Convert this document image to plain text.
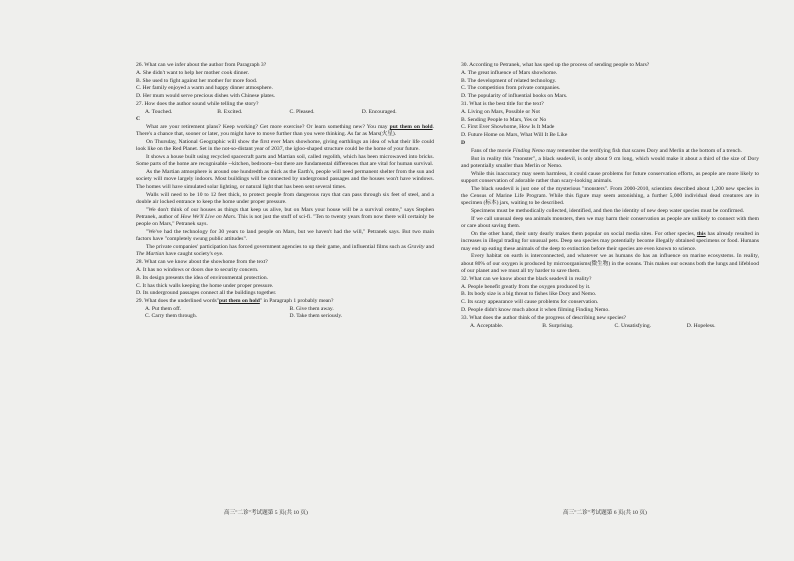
26. What can we infer about the author from Paragraph 3?

A. She didn't want to help her mother cook dinner.

B. She used to fight against her mother for more food.

C. Her family enjoyed a warm and happy dinner atmosphere.

D. Her mum would serve precious dishes with Chinese plates.

27. How does the author sound while telling the story?

A. Touched.	B. Excited.	C. Pleased.	D. Encouraged.

C

What are your retirement plans? Keep working? Get more exercise? Or learn something new? You may put them on hold. There's a chance that, sooner or later, you might have to move further than you were thinking. As far as Mars(火星).

On Thursday, National Geographic will show the first ever Mars showhome, giving earthlings an idea of what their life could look like on the Red Planet. Set in the not-so-distant year of 2037, the igloo-shaped structure could be the home of your future.

It shows a house built using recycled spacecraft parts and Martian soil, called regolith, which has been microwaved into bricks. Some parts of the home are recognisable --kitchen, bedroom--but there are fundamental differences that are vital for human survival.

As the Martian atmosphere is around one hundredth as thick as the Earth's, people will need permanent shelter from the sun and society will move largely indoors. Most buildings will be connected by underground passages and the houses won't have windows. The homes will have simulated solar lighting, or natural light that has been sent several times.

Walls will need to be 10 to 12 feet thick, to protect people from dangerous rays that can pass through six feet of steel, and a double air locked entrance to keep the home under proper pressure.

"We don't think of our houses as things that keep us alive, but on Mars your house will be a survival centre," says Stephen Petranek, author of How We'll Live on Mars. This is not just the stuff of sci-fi. "Ten to twenty years from now there will certainly be people on Mars," Petranek says.

"We've had the technology for 30 years to land people on Mars, but we haven't had the will," Petranek says. But two main factors have "completely swung public attitudes".

The private companies' participation has forced government agencies to up their game, and influential films such as Gravity and The Martian have caught society's eye.

28. What can we know about the showhome from the text?

A. It has no windows or doors due to security concern.

B. Its design presents the idea of environmental protection.

C. It has thick walls keeping the home under proper pressure.

D. Its underground passages connect all the buildings together.

29. What does the underlined words"put them on hold" in Paragraph 1 probably mean?

A. Put them off.	B. Give them away.
C. Carry them through.	D. Take them seriously.

30. According to Petranek, what has sped up the process of sending people to Mars?

A. The great influence of Mars showhome.

B. The development of related technology.

C. The competition from private companies.

D. The popularity of influential books on Mars.

31. What is the best title for the text?

A. Living on Mars, Possible or Not

B. Sending People to Mars, Yes or No

C. First Ever Showhome, How Is It Made

D. Future Home on Mars, What Will It Be Like

D

Fans of the movie Finding Nemo may remember the terrifying fish that scares Dory and Merlin at the bottom of a trench.

But in reality this "monster", a black seadevil, is only about 9 cm long, which would make it about a third of the size of Dory and potentially smaller than Merlin or Nemo.

While this inaccuracy may seem harmless, it could cause problems for future conservation efforts, as people are more likely to support conservation of adorable rather than scary-looking animals.

The black seadevil is just one of the mysterious "monsters". From 2000-2010, scientists described about 1,200 new species in the Census of Marine Life Program. While this figure may seem astonishing, a further 5,000 individual dead creatures are in specimen (标本) jars, waiting to be described.

Specimens must be methodically collected, identified, and then the identity of new deep water species must be confirmed.

If we call unusual deep sea animals monsters, then we may harm their conservation as people are unlikely to connect with them or care about saving them.

On the other hand, their unty dearly makes them popular on social media sites. For other species, this has already resulted in increases in illegal trading for unusual pets. Deep sea species may potentially become illegally obtained specimens or food. Humans may end up eating these animals of the deep to extinction before their species are even known to science.

Every habitat on earth is interconnected, and whatever we as humans do has an influence on marine ecosystems. In reality, about 80% of our oxygen is produced by microorganisms(微生物) in the oceans. This makes our oceans both the lungs and lifeblood of our planet and we must all try harder to save them.

32. What can we know about the black seadevil in reality?

A. People benefit greatly from the oxygen produced by it.

B. Its body size is a big threat to fishes like Dory and Nemo.

C. Its scary appearance will cause problems for conservation.

D. People didn't know much about it when filming Finding Nemo.

33. What does the author think of the progress of describing new species?

A. Acceptable.	B. Surprising.	C. Unsatisfying.	D. Hopeless.
高三"二诊"考试题第 5 页(共 10 页)	高三"二诊"考试题第 6 页(共 10 页)
